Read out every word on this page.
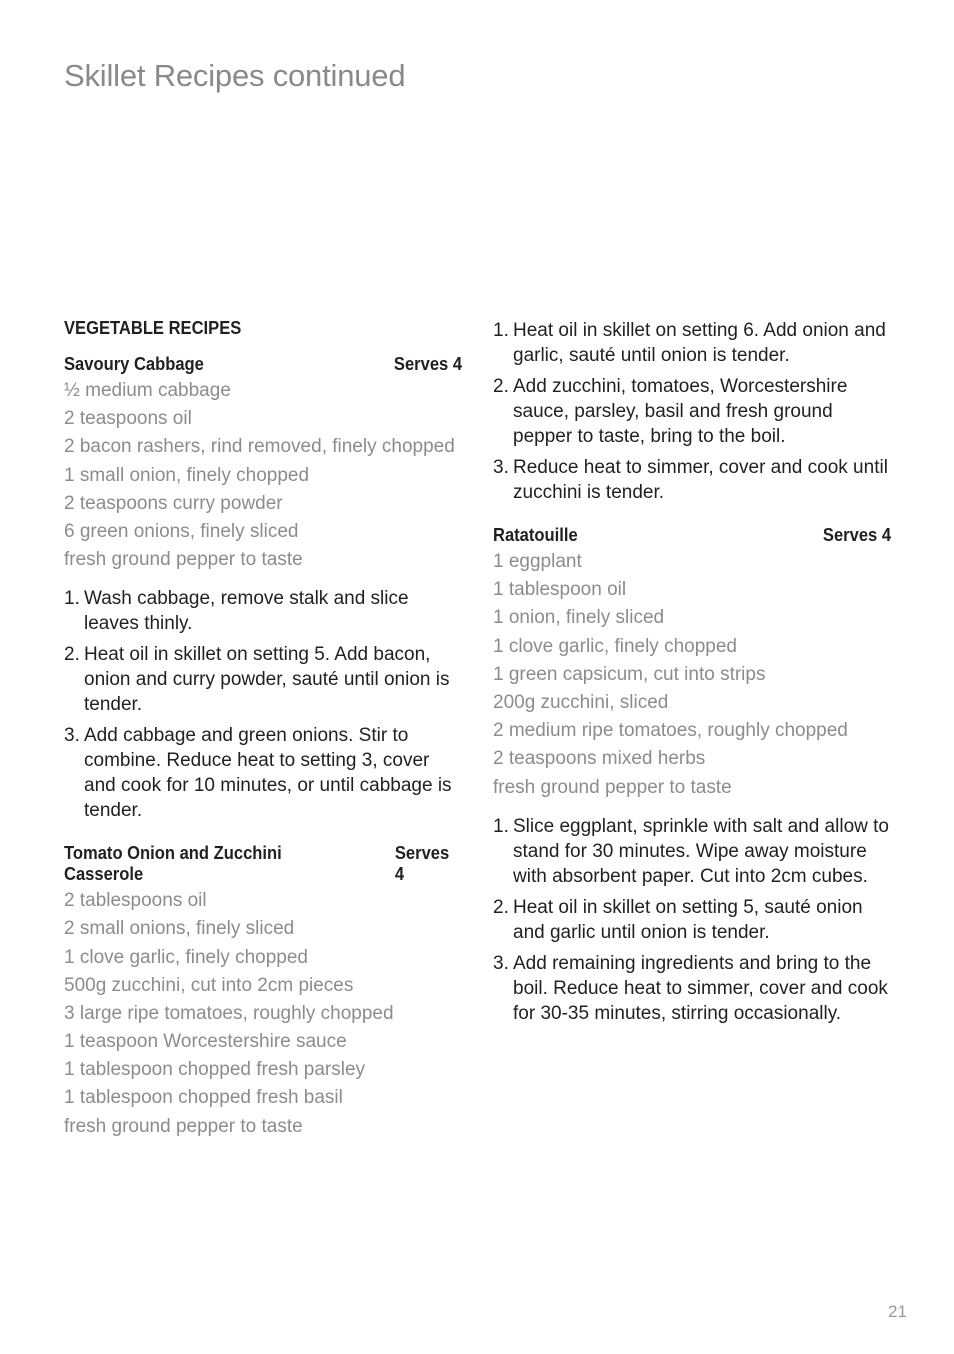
Skillet Recipes continued
VEGETABLE RECIPES
Savoury Cabbage	Serves 4
½ medium cabbage
2 teaspoons oil
2 bacon rashers, rind removed, finely chopped
1 small onion, finely chopped
2 teaspoons curry powder
6 green onions, finely sliced
fresh ground pepper to taste
1. Wash cabbage, remove stalk and slice leaves thinly.
2. Heat oil in skillet on setting 5. Add bacon, onion and curry powder, sauté until onion is tender.
3. Add cabbage and green onions. Stir to combine. Reduce heat to setting 3, cover and cook for 10 minutes, or until cabbage is tender.
Tomato Onion and Zucchini Casserole
Serves 4
2 tablespoons oil
2 small onions, finely sliced
1 clove garlic, finely chopped
500g zucchini, cut into 2cm pieces
3 large ripe tomatoes, roughly chopped
1 teaspoon Worcestershire sauce
1 tablespoon chopped fresh parsley
1 tablespoon chopped fresh basil
fresh ground pepper to taste
1. Heat oil in skillet on setting 6. Add onion and garlic, sauté until onion is tender.
2. Add zucchini, tomatoes, Worcestershire sauce, parsley, basil and fresh ground pepper to taste, bring to the boil.
3. Reduce heat to simmer, cover and cook until zucchini is tender.
Ratatouille	Serves 4
1 eggplant
1 tablespoon oil
1 onion, finely sliced
1 clove garlic, finely chopped
1 green capsicum, cut into strips
200g zucchini, sliced
2 medium ripe tomatoes, roughly chopped
2 teaspoons mixed herbs
fresh ground pepper to taste
1. Slice eggplant, sprinkle with salt and allow to stand for 30 minutes. Wipe away moisture with absorbent paper. Cut into 2cm cubes.
2. Heat oil in skillet on setting 5, sauté onion and garlic until onion is tender.
3. Add remaining ingredients and bring to the boil. Reduce heat to simmer, cover and cook for 30-35 minutes, stirring occasionally.
21
